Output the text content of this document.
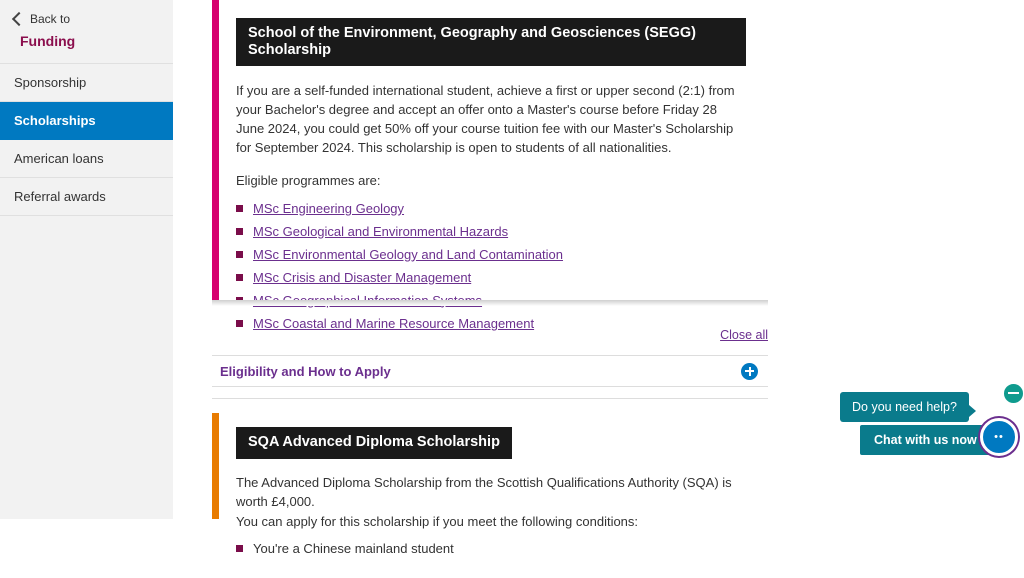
Back to
Funding
Sponsorship
Scholarships
American loans
Referral awards
School of the Environment, Geography and Geosciences (SEGG) Scholarship
If you are a self-funded international student, achieve a first or upper second (2:1) from your Bachelor's degree and accept an offer onto a Master's course before Friday 28 June 2024, you could get 50% off your course tuition fee with our Master's Scholarship for September 2024. This scholarship is open to students of all nationalities.
Eligible programmes are:
MSc Engineering Geology
MSc Geological and Environmental Hazards
MSc Environmental Geology and Land Contamination
MSc Crisis and Disaster Management
MSc Coastal and Marine Resource Management
Close all
Eligibility and How to Apply
SQA Advanced Diploma Scholarship
The Advanced Diploma Scholarship from the Scottish Qualifications Authority (SQA) is worth £4,000.
You can apply for this scholarship if you meet the following conditions:
You're a Chinese mainland student
Do you need help?
Chat with us now	••
